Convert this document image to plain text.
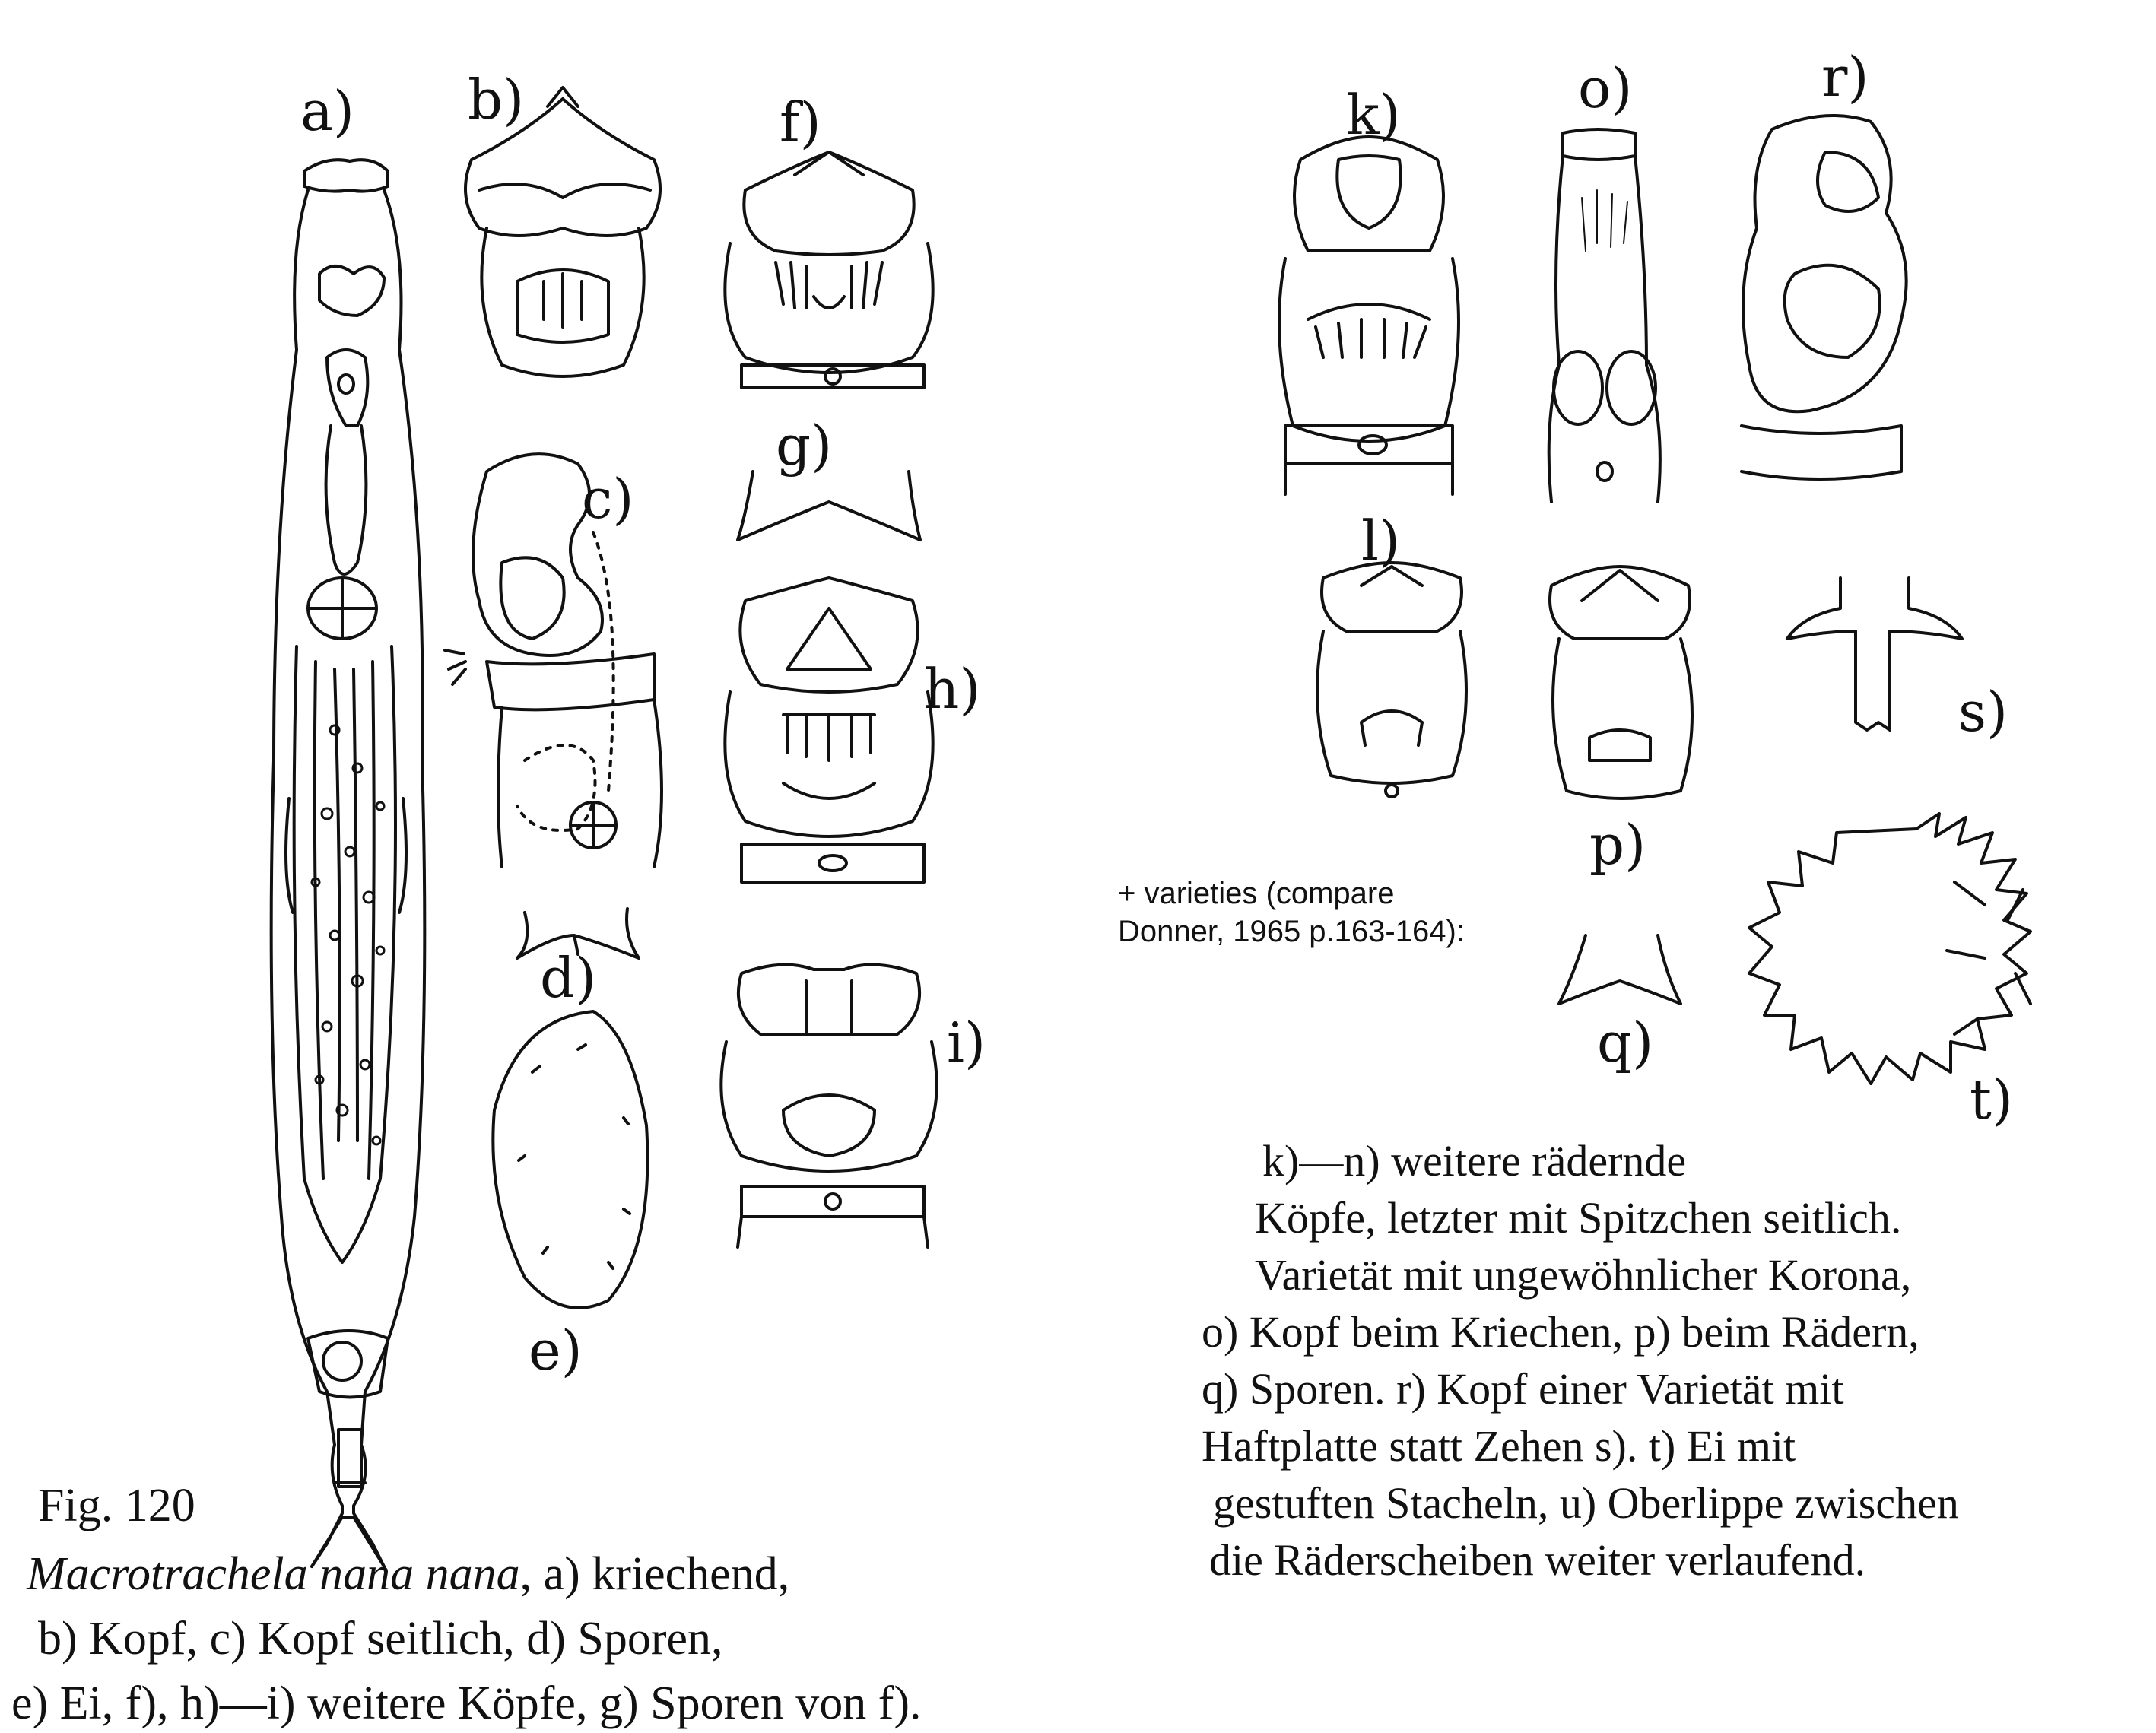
a) b)
c)
d)
e)
f)
g)
h)
i)
k)
l)
o)
p)
q)
r)
s)
t)
+ varieties (compare
Donner, 1965 p.163-164):
Fig. 120
Macrotrachela nana nana, a) kriechend,
b) Kopf, c) Kopf seitlich, d) Sporen,
e) Ei, f), h)—i) weitere Köpfe, g) Sporen von f).
k)—n) weitere rädernde
Köpfe, letzter mit Spitzchen seitlich.
Varietät mit ungewöhnlicher Korona,
o) Kopf beim Kriechen, p) beim Rädern,
q) Sporen. r) Kopf einer Varietät mit
Haftplatte statt Zehen s). t) Ei mit
gestuften Stacheln, u) Oberlippe zwischen
die Räderscheiben weiter verlaufend.
